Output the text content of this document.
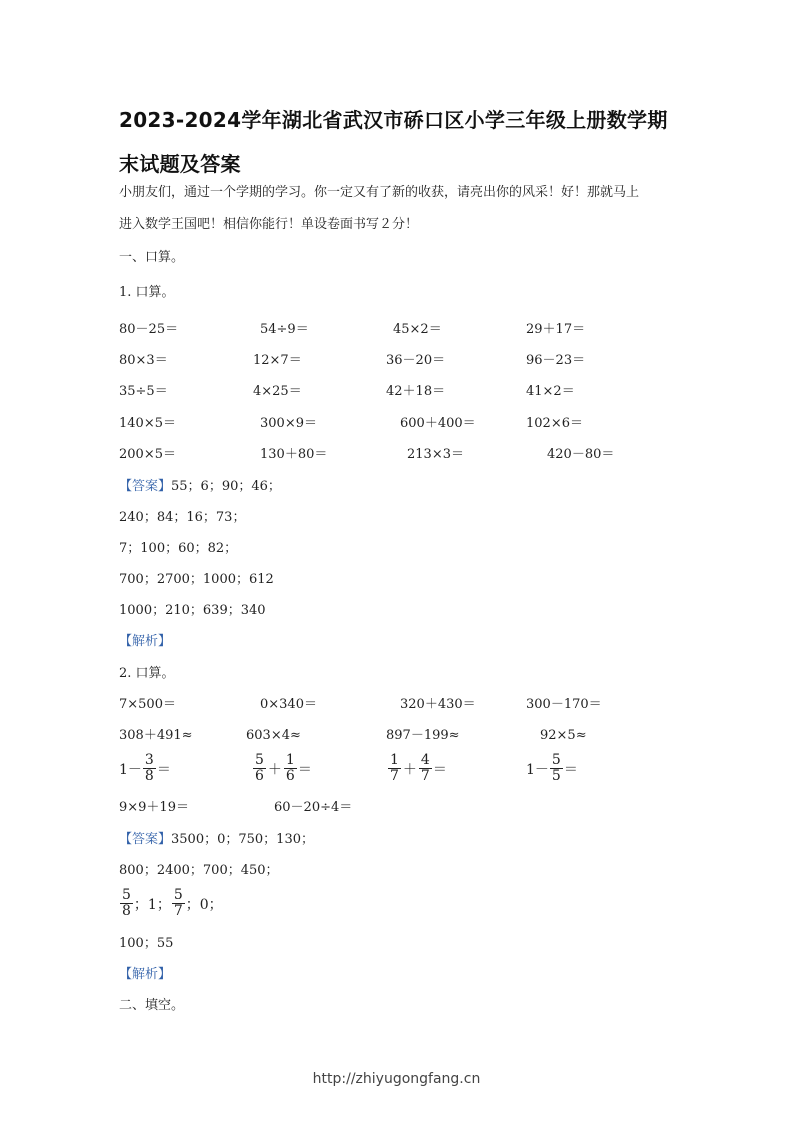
2023-2024学年湖北省武汉市硚口区小学三年级上册数学期
末试题及答案
小朋友们，通过一个学期的学习。你一定又有了新的收获，请亮出你的风采！好！那就马上
进入数学王国吧！相信你能行！单设卷面书写２分！
一、口算。
1. 口算。
80－25＝	54÷9＝	45×2＝	29＋17＝
80×3＝	12×7＝	36－20＝	96－23＝
35÷5＝	4×25＝	42＋18＝	41×2＝
140×5＝	300×9＝	600＋400＝	102×6＝
200×5＝	130＋80＝	213×3＝	420－80＝
【答案】55；6；90；46；
240；84；16；73；
7；100；60；82；
700；2700；1000；612
1000；210；639；340
【解析】
2. 口算。
7×500＝	0×340＝	320＋430＝	300－170＝
308＋491≈	603×4≈	897－199≈	92×5≈
$1- \frac{3}{8}$ ＝	$\frac{5}{6} + \frac{1}{6}$ ＝	$\frac{1}{7} + \frac{4}{7}$ ＝	$1- \frac{5}{5}$ ＝
9×9＋19＝	60－20÷4＝
【答案】3500；0；750；130；
800；2400；700；450；
$\frac{5}{8}$ ；1； $\frac{5}{7}$ ；0；
100；55
【解析】
二、填空。
http://zhiyugongfang.cn
